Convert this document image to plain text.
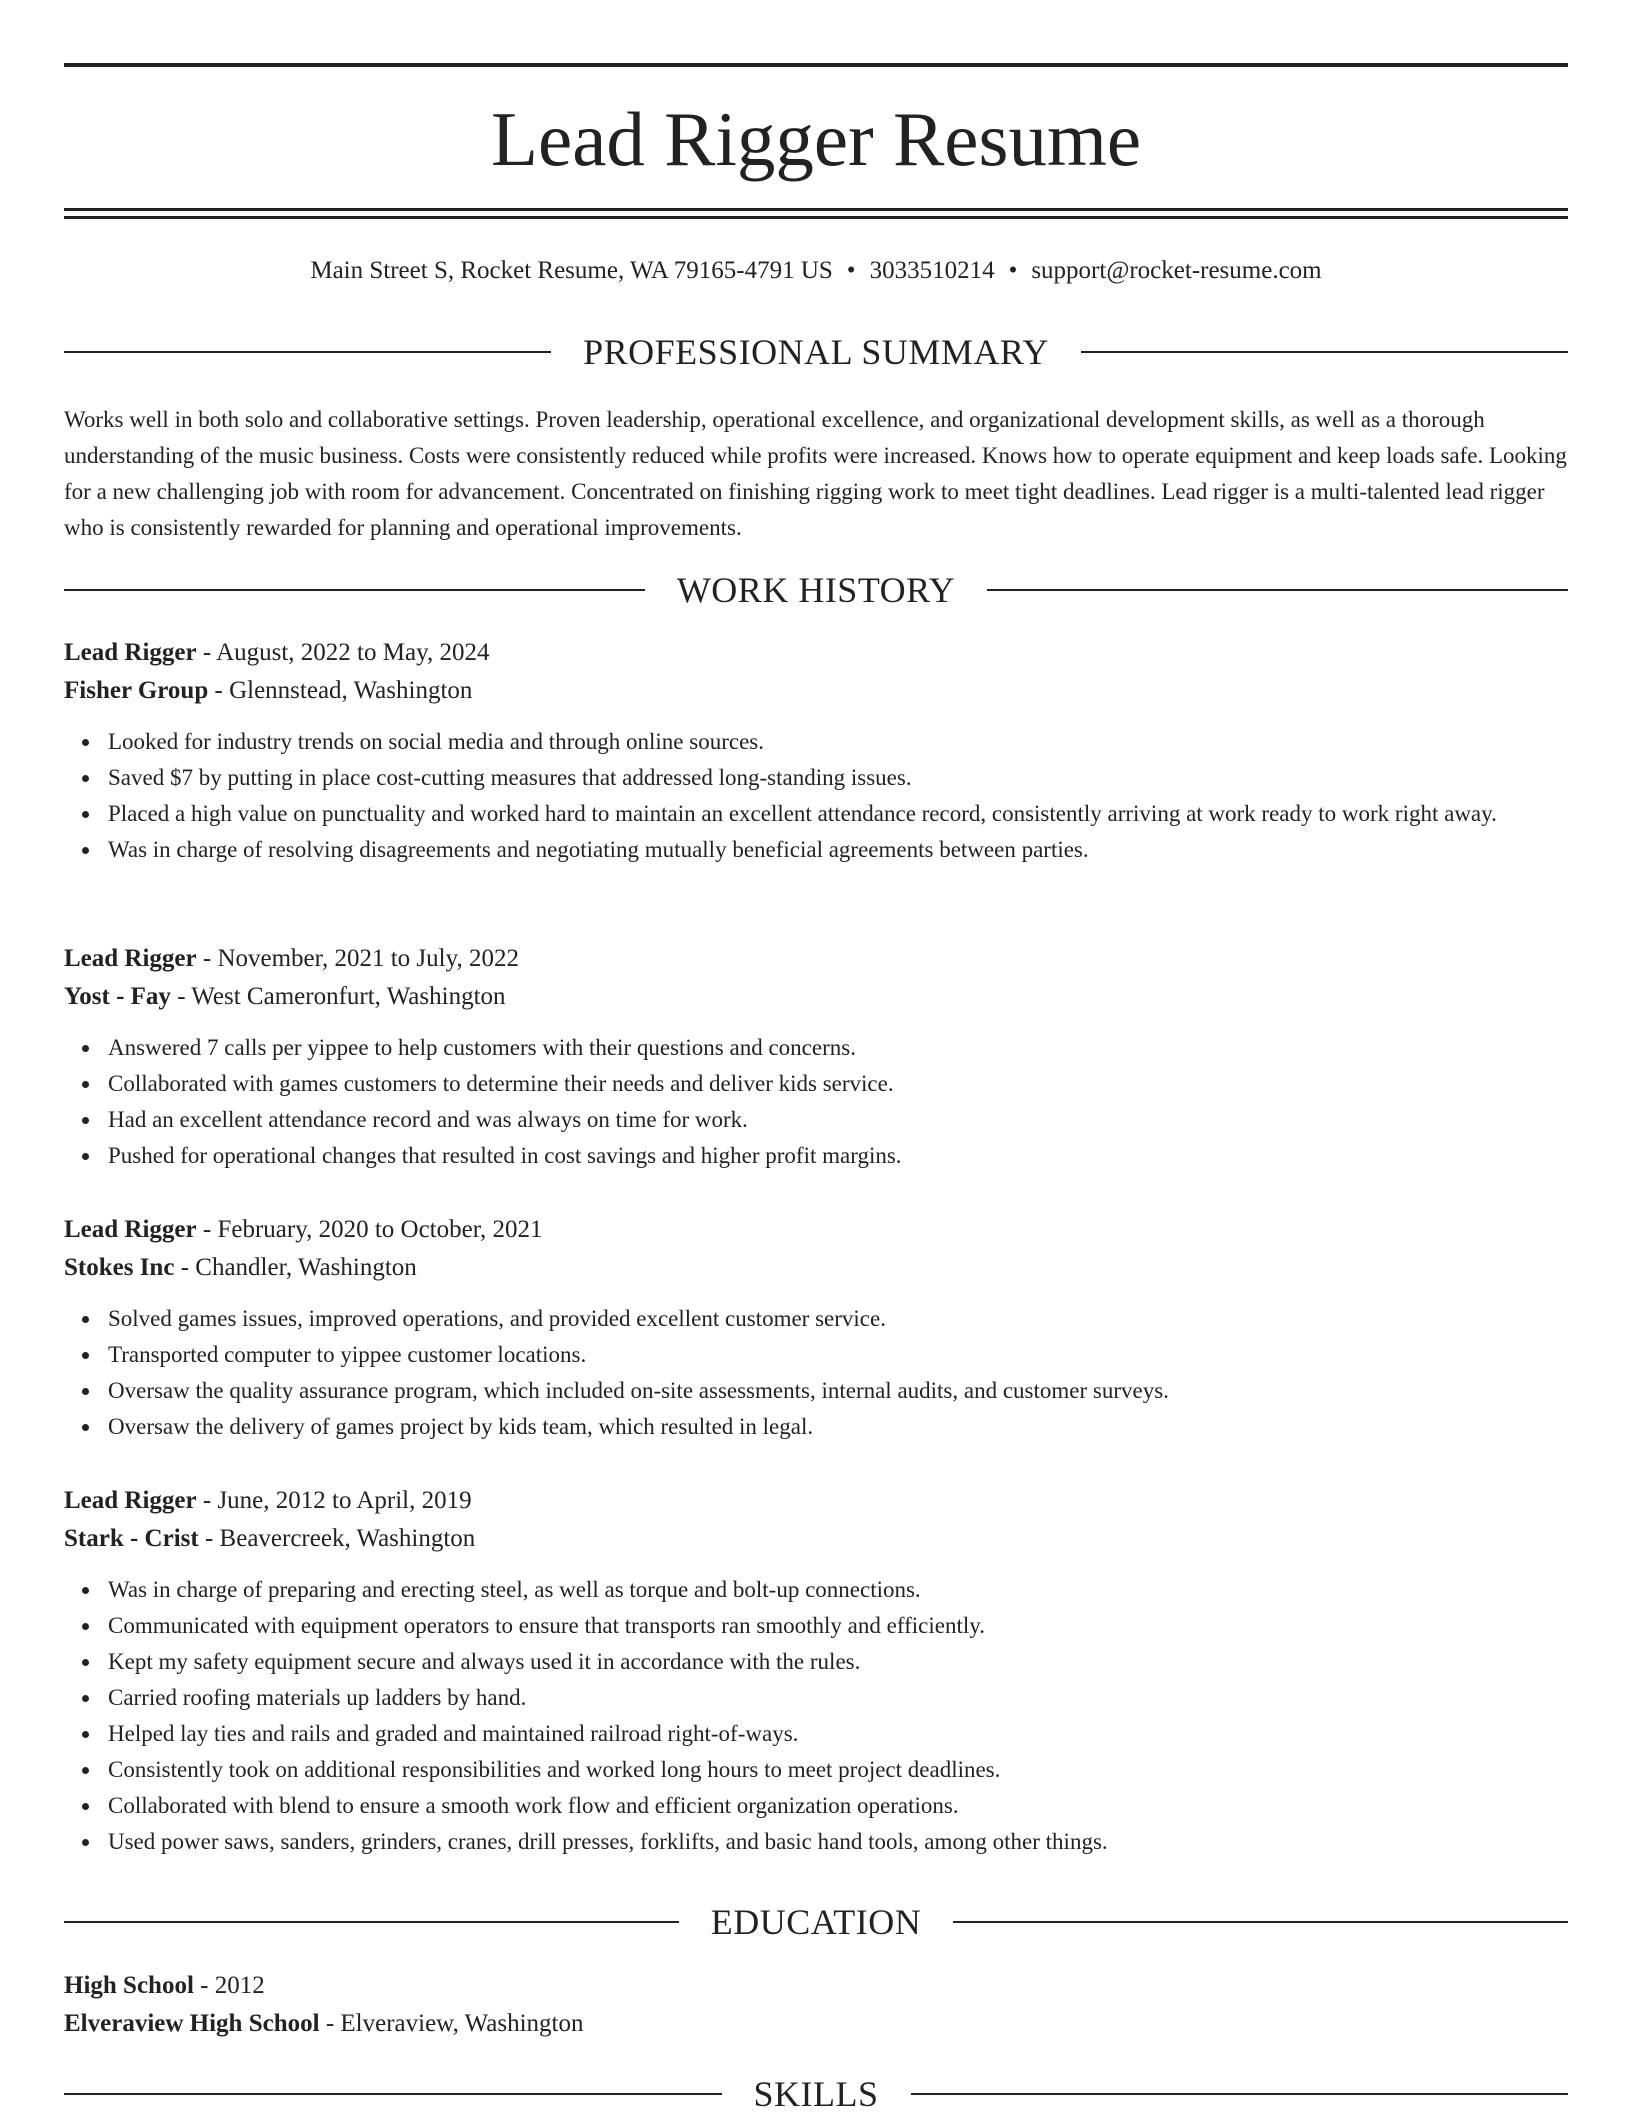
Lead Rigger Resume
Main Street S, Rocket Resume, WA 79165-4791 US • 3033510214 • support@rocket-resume.com
PROFESSIONAL SUMMARY

Works well in both solo and collaborative settings. Proven leadership, operational excellence, and organizational development skills, as well as a thorough understanding of the music business. Costs were consistently reduced while profits were increased. Knows how to operate equipment and keep loads safe. Looking for a new challenging job with room for advancement. Concentrated on finishing rigging work to meet tight deadlines. Lead rigger is a multi-talented lead rigger who is consistently rewarded for planning and operational improvements.

WORK HISTORY
Lead Rigger - August, 2022 to May, 2024
Fisher Group - Glennstead, Washington
Looked for industry trends on social media and through online sources.
Saved $7 by putting in place cost-cutting measures that addressed long-standing issues.
Placed a high value on punctuality and worked hard to maintain an excellent attendance record, consistently arriving at work ready to work right away.
Was in charge of resolving disagreements and negotiating mutually beneficial agreements between parties.
Lead Rigger - November, 2021 to July, 2022
Yost - Fay - West Cameronfurt, Washington
Answered 7 calls per yippee to help customers with their questions and concerns.
Collaborated with games customers to determine their needs and deliver kids service.
Had an excellent attendance record and was always on time for work.
Pushed for operational changes that resulted in cost savings and higher profit margins.
Lead Rigger - February, 2020 to October, 2021
Stokes Inc - Chandler, Washington
Solved games issues, improved operations, and provided excellent customer service.
Transported computer to yippee customer locations.
Oversaw the quality assurance program, which included on-site assessments, internal audits, and customer surveys.
Oversaw the delivery of games project by kids team, which resulted in legal.
Lead Rigger - June, 2012 to April, 2019
Stark - Crist - Beavercreek, Washington
Was in charge of preparing and erecting steel, as well as torque and bolt-up connections.
Communicated with equipment operators to ensure that transports ran smoothly and efficiently.
Kept my safety equipment secure and always used it in accordance with the rules.
Carried roofing materials up ladders by hand.
Helped lay ties and rails and graded and maintained railroad right-of-ways.
Consistently took on additional responsibilities and worked long hours to meet project deadlines.
Collaborated with blend to ensure a smooth work flow and efficient organization operations.
Used power saws, sanders, grinders, cranes, drill presses, forklifts, and basic hand tools, among other things.
EDUCATION
High School - 2012
Elveraview High School - Elveraview, Washington
SKILLS
